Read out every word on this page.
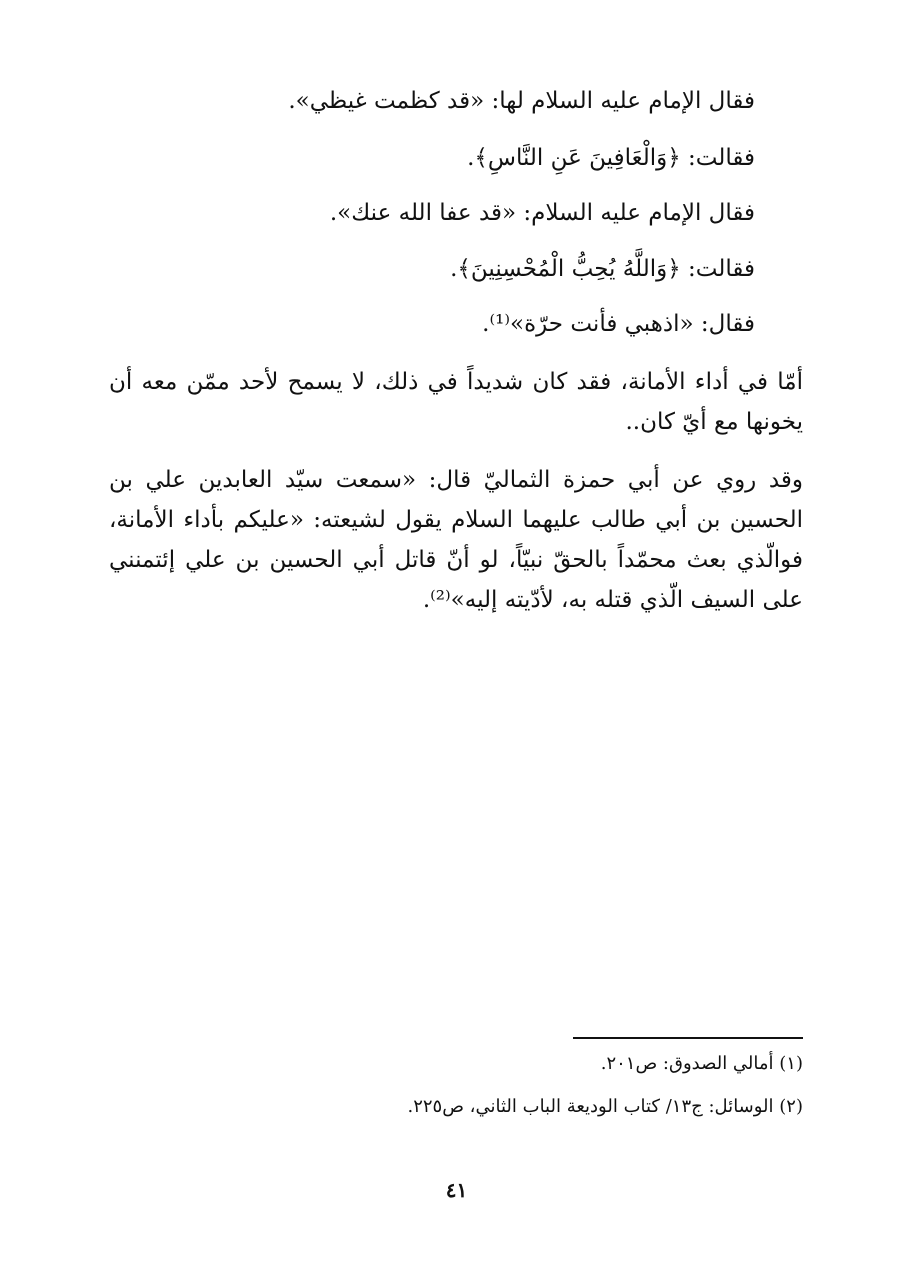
فقال الإمام عليه السلام لها: «قد كظمت غيظي».
فقالت: ﴿وَالْعَافِينَ عَنِ النَّاسِ﴾.
فقال الإمام عليه السلام: «قد عفا الله عنك».
فقالت: ﴿وَاللَّهُ يُحِبُّ الْمُحْسِنِينَ﴾.
فقال: «اذهبي فأنت حرّة»⁽¹⁾.
أمّا في أداء الأمانة، فقد كان شديداً في ذلك، لا يسمح لأحد ممّن معه أن يخونها مع أيّ كان..
وقد روي عن أبي حمزة الثماليّ قال: «سمعت سيّد العابدين علي بن الحسين بن أبي طالب عليهما السلام يقول لشيعته: «عليكم بأداء الأمانة، فوالّذي بعث محمّداً بالحقّ نبيّاً، لو أنّ قاتل أبي الحسين بن علي إئتمنني على السيف الّذي قتله به، لأدّيته إليه»⁽²⁾.
(١) أمالي الصدوق: ص٢٠١.
(٢) الوسائل: ج١٣/ كتاب الوديعة الباب الثاني، ص٢٢٥.
٤١
